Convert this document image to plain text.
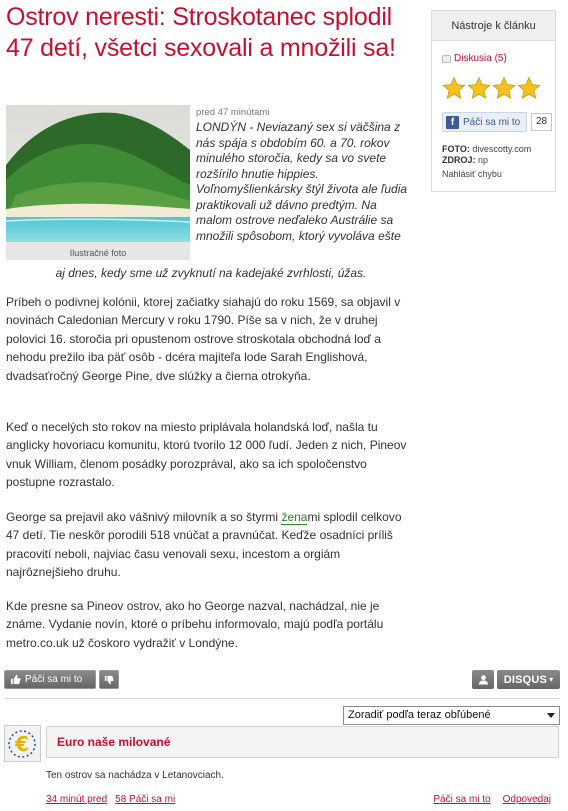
Ostrov neresti: Stroskotanec splodil 47 detí, všetci sexovali a množili sa!
Nástroje k článku
Diskusia (5)
f Páči sa mi to	28
FOTO: divescotty.com
ZDROJ: np
Nahlásiť chybu
Ilustračné foto
pred 47 minútami

LONDÝN - Neviazaný sex si väčšina z nás spája s obdobím 60. a 70. rokov minulého storočia, kedy sa vo svete rozšírilo hnutie hippies. Voľnomyšlienkársky štýl života ale ľudia praktikovali už dávno predtým. Na malom ostrove neďaleko Austrálie sa množili spôsobom, ktorý vyvoláva ešte

aj dnes, kedy sme už zvyknutí na kadejaké zvrhlosti, úžas.

Príbeh o podivnej kolónii, ktorej začiatky siahajú do roku 1569, sa objavil v novinách Caledonian Mercury v roku 1790. Píše sa v nich, že v druhej polovici 16. storočia pri opustenom ostrove stroskotala obchodná loď a nehodu prežilo iba päť osôb - dcéra majiteľa lode Sarah Englishová, dvadsaťročný George Pine, dve slúžky a čierna otrokyňa.

Keď o necelých sto rokov na miesto priplávala holandská loď, našla tu anglicky hovoriacu komunitu, ktorú tvorilo 12 000 ľudí. Jeden z nich, Pineov vnuk William, členom posádky porozprával, ako sa ich spoločenstvo postupne rozrastalo.

George sa prejavil ako vášnivý milovník a so štyrmi ženami splodil celkovo 47 detí. Tie neskôr porodili 518 vnúčat a pravnúčat. Keďže osadníci príliš pracovití neboli, najviac času venovali sexu, incestom a orgiám najrôznejšieho druhu.

Kde presne sa Pineov ostrov, ako ho George nazval, nachádzal, nie je známe. Vydanie novín, ktoré o príbehu informovalo, majú podľa portálu metro.co.uk už čoskoro vydražiť v Londýne.

Páči sa mi to	DISQUS ▾
Zoradiť podľa teraz obľúbené
€ Euro naše milované
Ten ostrov sa nachádza v Letanovciach.
34 minút pred 58 Páči sa mi	Páči sa mi to Odpovedaj
